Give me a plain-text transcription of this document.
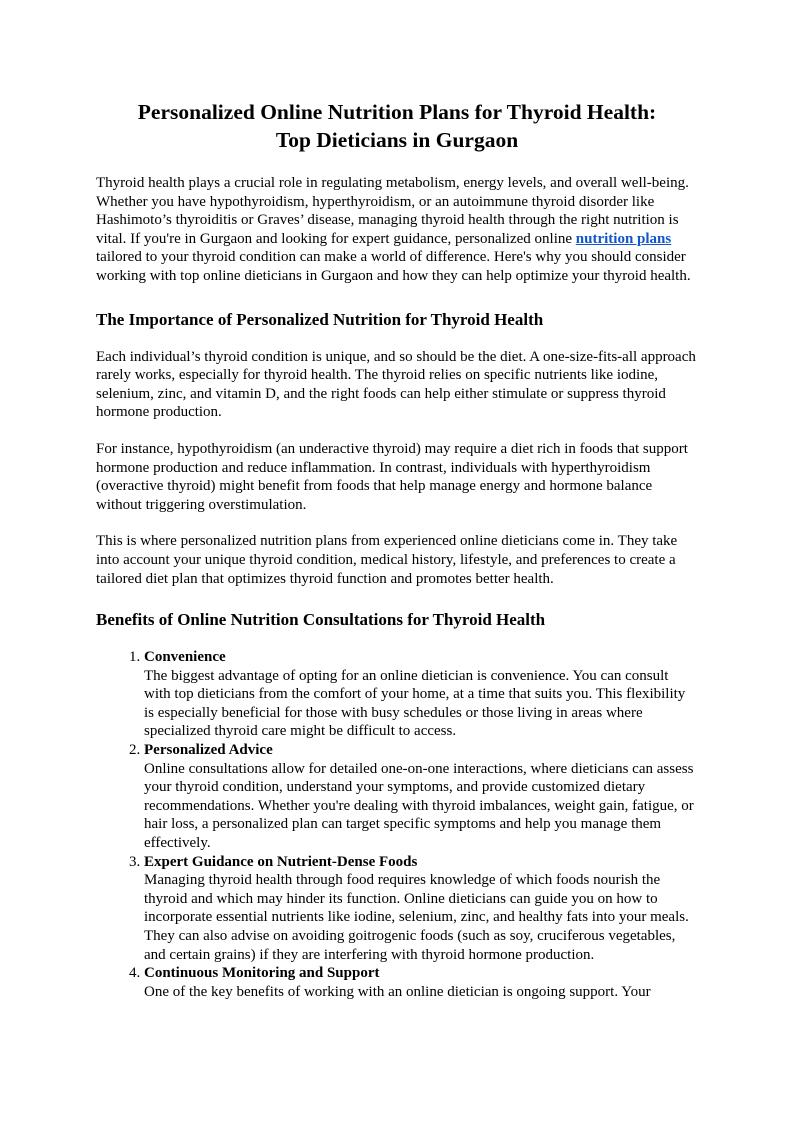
Personalized Online Nutrition Plans for Thyroid Health:
Top Dieticians in Gurgaon

Thyroid health plays a crucial role in regulating metabolism, energy levels, and overall well-being. Whether you have hypothyroidism, hyperthyroidism, or an autoimmune thyroid disorder like Hashimoto’s thyroiditis or Graves’ disease, managing thyroid health through the right nutrition is vital. If you're in Gurgaon and looking for expert guidance, personalized online nutrition plans tailored to your thyroid condition can make a world of difference. Here's why you should consider working with top online dieticians in Gurgaon and how they can help optimize your thyroid health.

The Importance of Personalized Nutrition for Thyroid Health

Each individual’s thyroid condition is unique, and so should be the diet. A one-size-fits-all approach rarely works, especially for thyroid health. The thyroid relies on specific nutrients like iodine, selenium, zinc, and vitamin D, and the right foods can help either stimulate or suppress thyroid hormone production.

For instance, hypothyroidism (an underactive thyroid) may require a diet rich in foods that support hormone production and reduce inflammation. In contrast, individuals with hyperthyroidism (overactive thyroid) might benefit from foods that help manage energy and hormone balance without triggering overstimulation.

This is where personalized nutrition plans from experienced online dieticians come in. They take into account your unique thyroid condition, medical history, lifestyle, and preferences to create a tailored diet plan that optimizes thyroid function and promotes better health.

Benefits of Online Nutrition Consultations for Thyroid Health
1. Convenience
The biggest advantage of opting for an online dietician is convenience. You can consult with top dieticians from the comfort of your home, at a time that suits you. This flexibility is especially beneficial for those with busy schedules or those living in areas where specialized thyroid care might be difficult to access.
2. Personalized Advice
Online consultations allow for detailed one-on-one interactions, where dieticians can assess your thyroid condition, understand your symptoms, and provide customized dietary recommendations. Whether you're dealing with thyroid imbalances, weight gain, fatigue, or hair loss, a personalized plan can target specific symptoms and help you manage them effectively.
3. Expert Guidance on Nutrient-Dense Foods
Managing thyroid health through food requires knowledge of which foods nourish the thyroid and which may hinder its function. Online dieticians can guide you on how to incorporate essential nutrients like iodine, selenium, zinc, and healthy fats into your meals. They can also advise on avoiding goitrogenic foods (such as soy, cruciferous vegetables, and certain grains) if they are interfering with thyroid hormone production.
4. Continuous Monitoring and Support
One of the key benefits of working with an online dietician is ongoing support. Your
